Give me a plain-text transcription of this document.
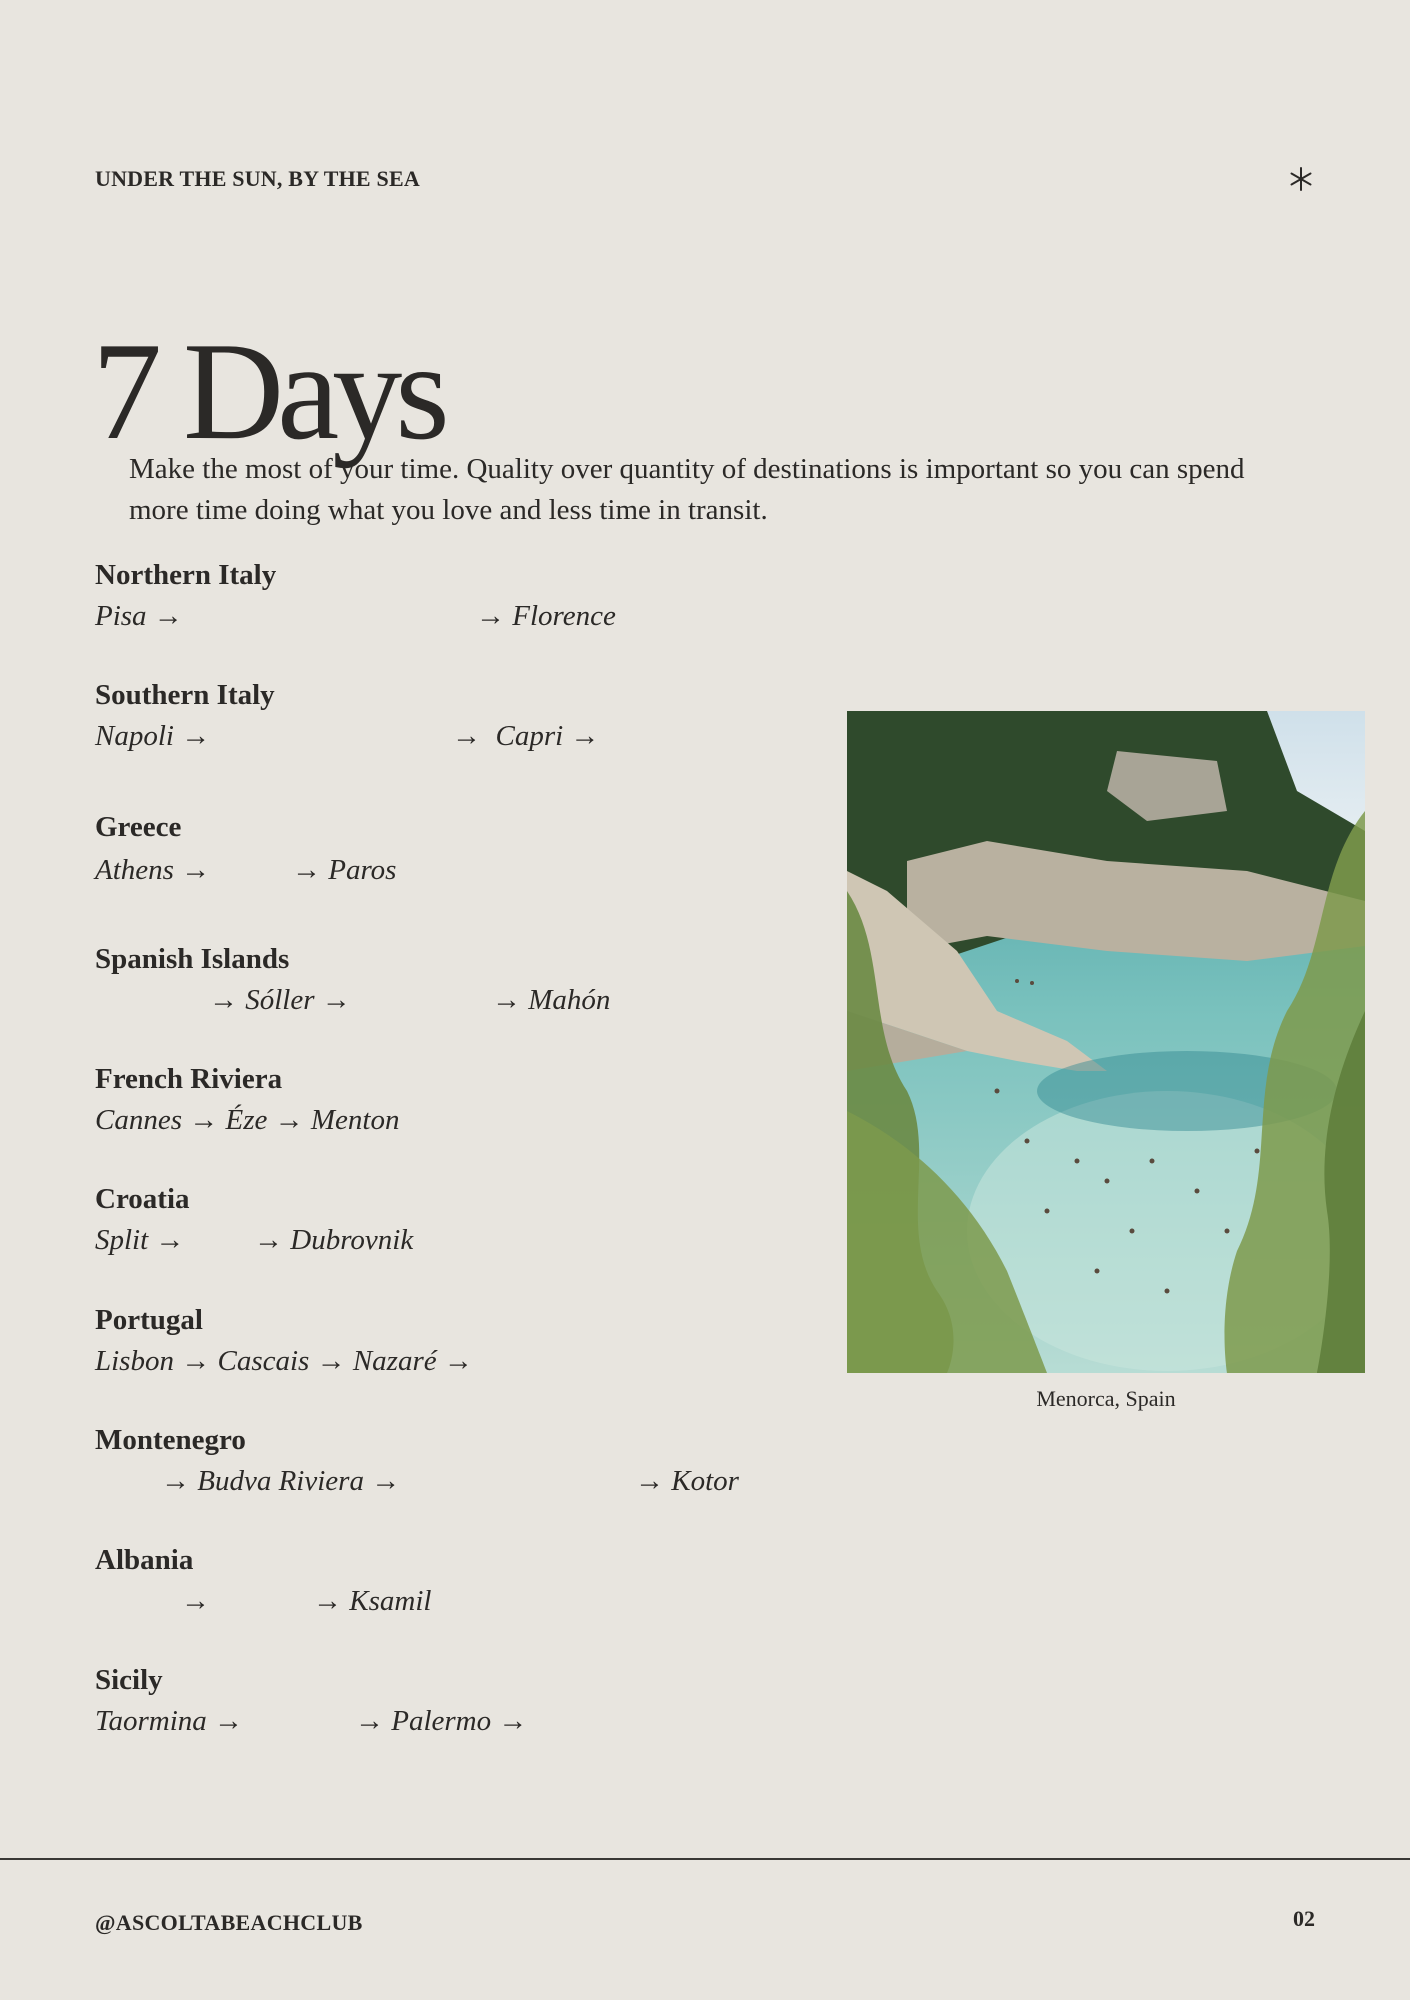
UNDER THE SUN, BY THE SEA
7 Days

Make the most of your time. Quality over quantity of destinations is important so you can spend more time doing what you love and less time in transit.

Northern Italy
Pisa →	→ Florence
Southern Italy
Napoli →	→  Capri →
Greece
Athens →	→ Paros
Spanish Islands
→ Sóller →	→ Mahón
French Riviera
Cannes → Éze → Menton
Croatia
Split → → Dubrovnik
Portugal
Lisbon → Cascais → Nazaré →
Montenegro
→ Budva Riviera →	→ Kotor
Albania
→	→ Ksamil
Sicily
Taormina →	→ Palermo →
Menorca, Spain
@ASCOLTABEACHCLUB	02
